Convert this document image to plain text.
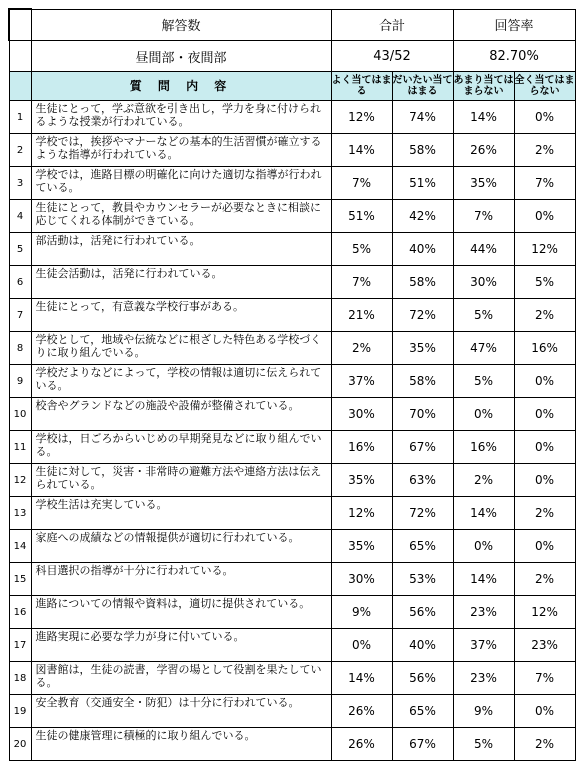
	解答数	合計		回答率	
	昼間部・夜間部	43/52		82.70%	
	質 問 内 容	よく当てはまる	だいたい当てはまる	あまり当てはまらない	全く当てはまらない
1	生徒にとって，学ぶ意欲を引き出し，学力を身に付けられるような授業が行われている。	12%	74%	14%	0%
2	学校では，挨拶やマナーなどの基本的生活習慣が確立するような指導が行われている。	14%	58%	26%	2%
3	学校では，進路目標の明確化に向けた適切な指導が行われている。	7%	51%	35%	7%
4	生徒にとって，教員やカウンセラーが必要なときに相談に応じてくれる体制ができている。	51%	42%	7%	0%
5	部活動は，活発に行われている。	5%	40%	44%	12%
6	生徒会活動は，活発に行われている。	7%	58%	30%	5%
7	生徒にとって，有意義な学校行事がある。	21%	72%	5%	2%
8	学校として，地域や伝統などに根ざした特色ある学校づくりに取り組んでいる。	2%	35%	47%	16%
9	学校だよりなどによって，学校の情報は適切に伝えられている。	37%	58%	5%	0%
10	校舎やグランドなどの施設や設備が整備されている。	30%	70%	0%	0%
11	学校は，日ごろからいじめの早期発見などに取り組んでいる。	16%	67%	16%	0%
12	生徒に対して，災害・非常時の避難方法や連絡方法は伝えられている。	35%	63%	2%	0%
13	学校生活は充実している。	12%	72%	14%	2%
14	家庭への成績などの情報提供が適切に行われている。	35%	65%	0%	0%
15	科目選択の指導が十分に行われている。	30%	53%	14%	2%
16	進路についての情報や資料は，適切に提供されている。	9%	56%	23%	12%
17	進路実現に必要な学力が身に付いている。	0%	40%	37%	23%
18	図書館は，生徒の読書，学習の場として役割を果たしている。	14%	56%	23%	7%
19	安全教育（交通安全・防犯）は十分に行われている。	26%	65%	9%	0%
20	生徒の健康管理に積極的に取り組んでいる。	26%	67%	5%	2%
